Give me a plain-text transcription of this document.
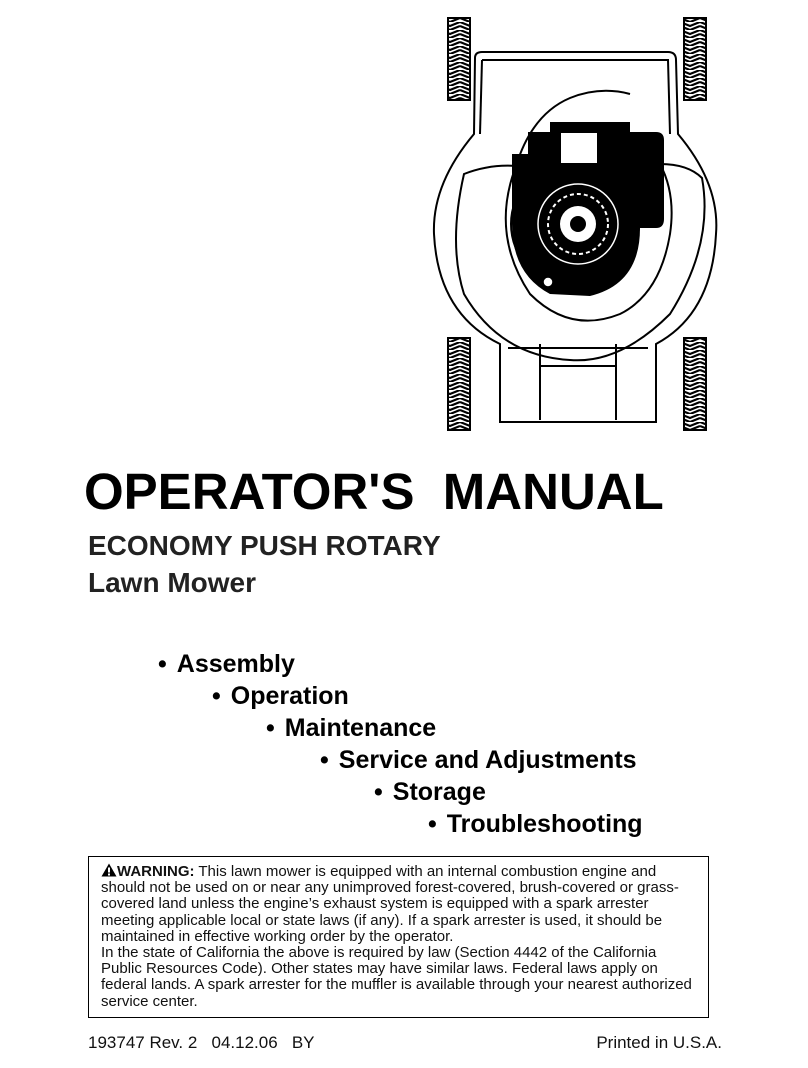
OPERATOR'S  MANUAL
ECONOMY PUSH ROTARY
Lawn Mower
• Assembly
• Operation
• Maintenance
• Service and Adjustments
• Storage
• Troubleshooting

WARNING: This lawn mower is equipped with an internal combustion engine and should not be used on or near any unimproved forest-covered, brush-covered or grass-covered land unless the engine’s exhaust system is equipped with a spark arrester meeting applicable local or state laws (if any). If a spark arrester is used, it should be maintained in effective working order by the operator.

In the state of California the above is required by law (Section 4442 of the California Public Resources Code). Other states may have similar laws. Federal laws apply on federal lands. A spark arrester for the muffler is available through your nearest authorized service center.

193747 Rev. 2   04.12.06   BY	Printed in U.S.A.
